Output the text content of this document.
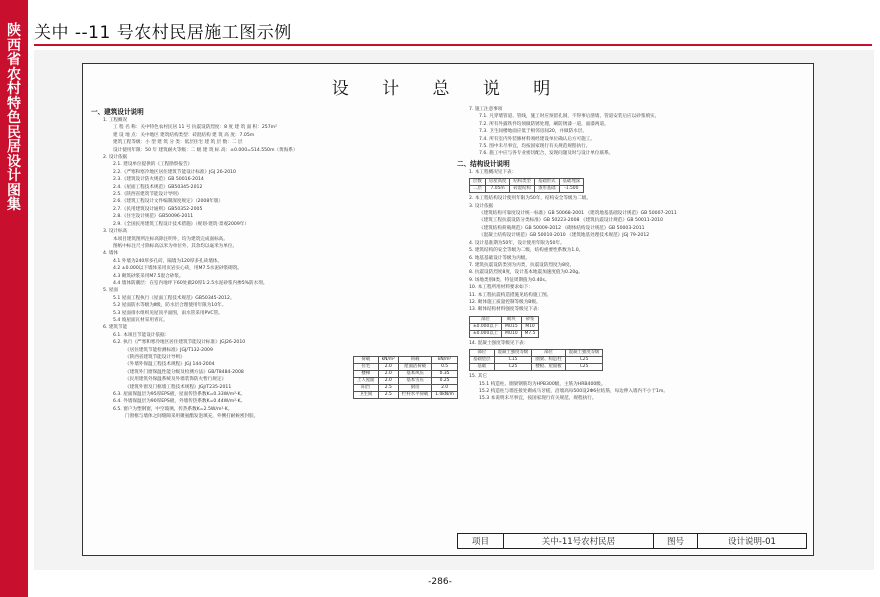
陕西省农村特色民居设计图集
关中 --11 号农村民居施工图示例
设 计 总 说 明
一、建筑设计说明
1. 工程概况
工 程 名 称：关中特色农村民居 11 号 抗震设防烈度：8 度 建 筑 面 积：257m²
建 设 地 点：关中地区 建筑结构类型：砖混结构 建 筑 高 度：7.05m
建筑工程等级：小 型 建 筑 分 类：低层住宅 建 筑 层 数：二 层
设计使用年限：50 年 建筑耐火等级：二 级 建 筑 标 高：±0.000=514.550m（黄海系）
2. 设计依据
2.1. 建设单位提供的《工程勘察报告》
2.2.《严寒和寒冷地区居住建筑节能设计标准》JGJ 26-2010
2.3.《建筑设计防火规范》GB 50016-2014
2.4.《屋面工程技术规范》GB50345-2012
2.5.《陕西省建筑节能设计导则》
2.6.《建筑工程设计文件编制深度规定》（2008年版）
2.7.《民用建筑设计通则》GB50352-2005
2.8.《住宅设计规范》GB50096-2011
2.9.《全国民用建筑工程设计技术措施》（规划·建筑·景观2009年）
3. 设计标高
本项目建筑图所注标高除注明外，均为建筑完成面标高。
图纸中标注尺寸除标高以米为单位外，其余均以毫米为单位。
4. 墙体
4.1 外墙为240厚多孔砖，隔墙为120厚多孔砖墙体。
4.2 ±0.000以下墙体采用页岩实心砖，用M7.5水泥砂浆砌筑。
4.3 砌筑砂浆采用M7.5混合砂浆。
4.4 墙体防潮层：在室内地坪下60处做20厚1:2.5水泥砂浆内掺5%防水剂。
5. 屋面
5.1 屋面工程执行《屋面工程技术规范》GB50345-2012。
5.2 屋面防水等级为Ⅱ级，防水层合理使用年限为10年。
5.3 屋面排水组织见屋顶平面图，雨水管采用PVC管。
5.4 坡屋面瓦材采用青瓦。
6. 建筑节能
6.1. 本项目节能设计依据：
6.2. 执行《严寒和寒冷地区居住建筑节能设计标准》JGJ26-2010
《居住建筑节能检测标准》JGJ/T132-2009
《陕西省建筑节能设计导则》
《外墙外保温工程技术规程》JGJ 144-2004
《建筑外门窗保温性能分级及检测方法》GB/T8484-2008
《民用建筑外保温系统及外墙装饰防火暂行规定》
《建筑外窗及门框墙工程技术规程》JGJ/T235-2011
6.3. 屋面保温层为95厚EPS板，屋面传热系数K=0.33W/m²·K。
6.4. 外墙保温层为90厚EPS板，外墙传热系数K=0.44W/m²·K。
6.5. 窗户为塑钢窗，中空玻璃，传热系数K=2.5W/m²·K。
门窗框与墙体之间缝隙采用聚氨酯发泡填充，外侧打耐候密封胶。
7. 施工注意事项
7.1. 凡穿墙管道、管线，施工时应预留孔洞，不得事后凿墙，管道安装后应以砂浆填实。
7.2. 所有外露铁件均须做防锈处理，刷防锈漆一道，面漆两道。
7.3. 卫生间楼地面应低于相邻房间20，并做防水层。
7.4. 所有室内外装修材料须经建设单位确认后方可施工。
7.5. 图中未尽事宜，均按国家现行有关规范规程执行。
7.6. 施工中应与各专业密切配合，发现问题及时与设计单位联系。
二、结构设计说明
1. 本工程概况见下表：
层数	房屋高度	结构类型	基础形式	基础埋深
二层	7.05m	砖混结构	条形基础	-1.500
2. 本工程结构设计使用年限为50年，结构安全等级为二级。
3. 设计依据
《建筑结构可靠度设计统一标准》GB 50068-2001 《建筑地基基础设计规范》GB 50007-2011
《建筑工程抗震设防分类标准》GB 50223-2008 《建筑抗震设计规范》GB 50011-2010
《建筑结构荷载规范》GB 50009-2012 《砌体结构设计规范》GB 50003-2011
《混凝土结构设计规范》GB 50010-2010 《建筑地基处理技术规范》JGJ 79-2012
4. 设计基准期为50年，设计使用年限为50年。
5. 建筑结构的安全等级为二级，结构重要性系数为1.0。
6. 地基基础设计等级为丙级。
7. 建筑抗震设防类别为丙类，抗震设防烈度为8度。
8. 抗震设防烈度8度，设计基本地震加速度值为0.20g。
9. 场地类别Ⅱ类，特征周期值为0.40s。
10. 本工程所用材料要求如下：
11. 本工程抗震构造措施见结构施工图。
12. 砌体施工质量控制等级为B级。
13. 砌体结构材料强度等级见下表：
部位	砌块	砂浆
±0.000以下	MU15	M10
±0.000以上	MU10	M7.5
14. 混凝土强度等级见下表：
部位	混凝土强度等级	部位	混凝土强度等级
基础垫层	C15	圈梁、构造柱	C25
基础	C25	楼板、屋面板	C25
15. 其它
15.1 构造柱、圈梁钢筋均为HPB300级，主筋为HRB400级。
15.2 构造柱与墙连接处砌成马牙槎，沿墙高每500设2Φ6拉结筋，每边伸入墙内不小于1m。
15.3 本说明未尽事宜，按国家现行有关规范、规程执行。
荷载	kN/m²	荷载	kN/m²
住宅	2.0	屋面活荷载	0.5
楼梯	2.0	基本风压	0.35
上人屋面	2.0	基本雪压	0.25
阳台	2.5	厨房	2.0
卫生间	2.5	栏杆水平荷载	1.0kN/m
项目	关中-11号农村民居	图号	设计说明-01
-286-
